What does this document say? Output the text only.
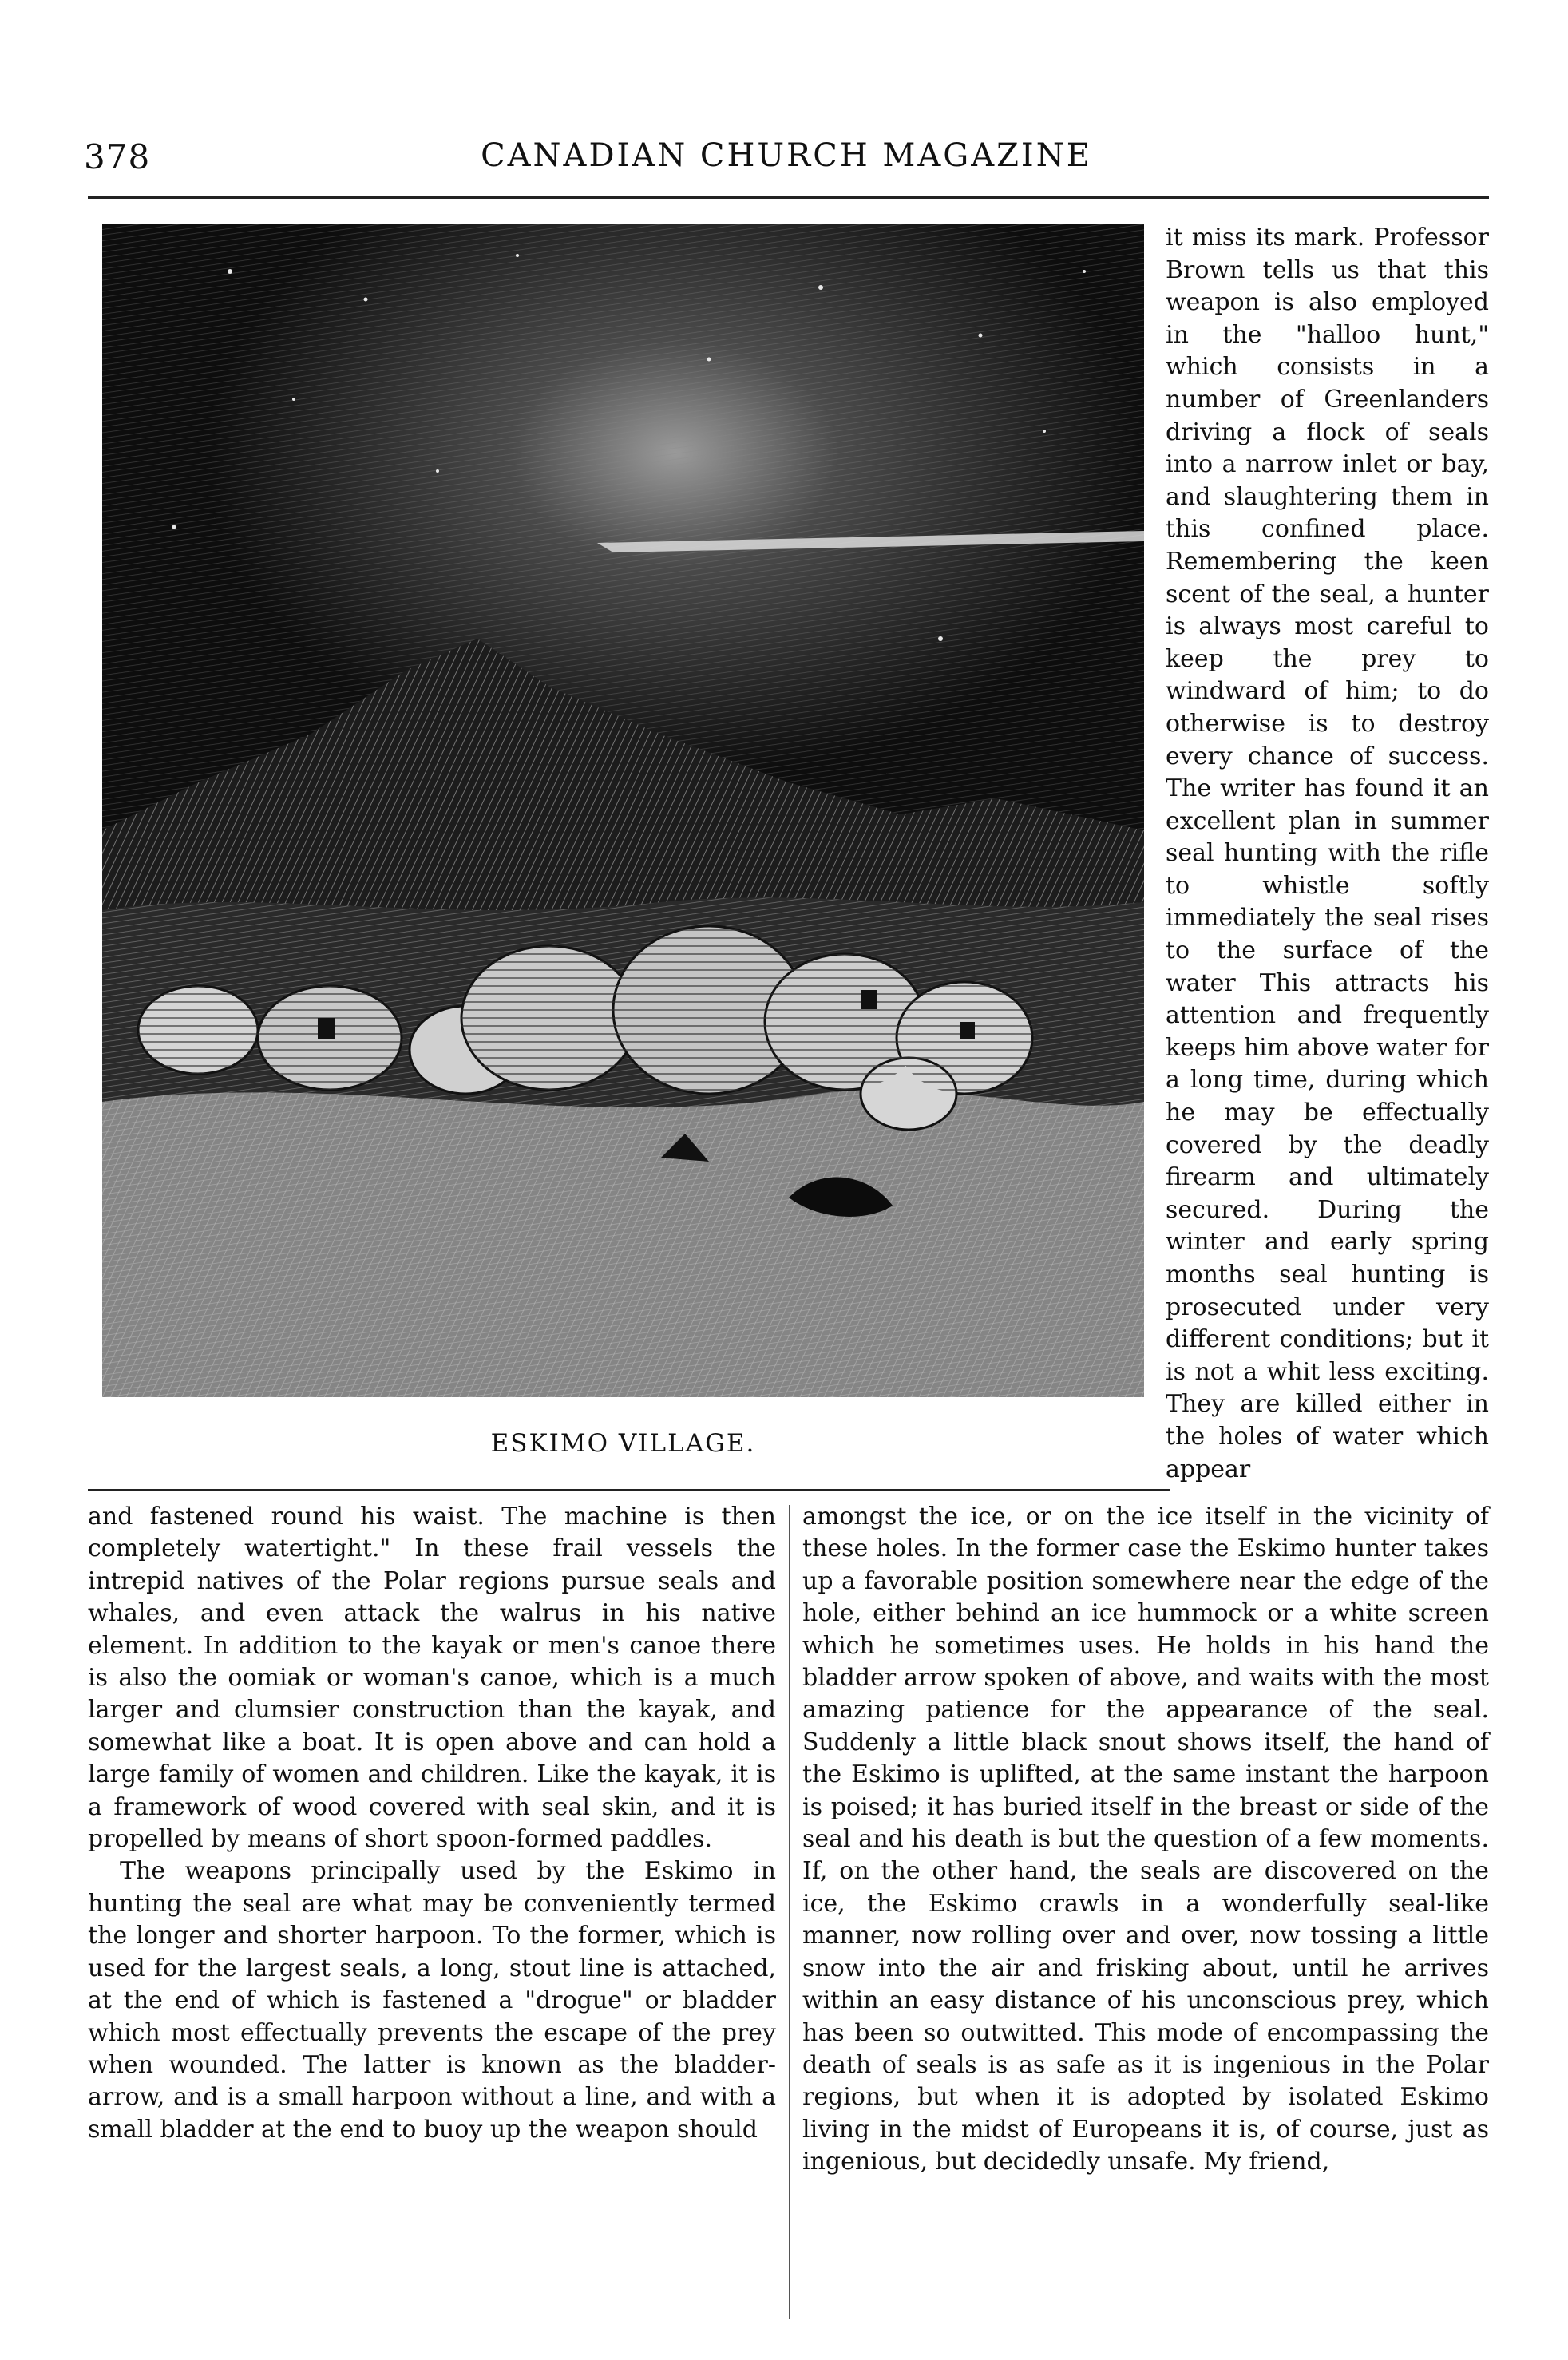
378	CANADIAN CHURCH MAGAZINE
ESKIMO VILLAGE.

it miss its mark. Professor Brown tells us that this weapon is also employed in the "halloo hunt," which consists in a number of Greenlanders driving a flock of seals into a narrow inlet or bay, and slaughtering them in this confined place. Remembering the keen scent of the seal, a hunter is always most careful to keep the prey to windward of him; to do otherwise is to destroy every chance of success. The writer has found it an excellent plan in summer seal hunting with the rifle to whistle softly immediately the seal rises to the surface of the water This attracts his attention and frequently keeps him above water for a long time, during which he may be effectually covered by the deadly firearm and ultimately secured. During the winter and early spring months seal hunting is prosecuted under very different conditions; but it is not a whit less exciting. They are killed either in the holes of water which appear

and fastened round his waist. The machine is then completely watertight." In these frail vessels the intrepid natives of the Polar regions pursue seals and whales, and even attack the walrus in his native element. In addition to the kayak or men's canoe there is also the oomiak or woman's canoe, which is a much larger and clumsier construction than the kayak, and somewhat like a boat. It is open above and can hold a large family of women and children. Like the kayak, it is a framework of wood covered with seal skin, and it is propelled by means of short spoon-formed paddles.

The weapons principally used by the Eskimo in hunting the seal are what may be conveniently termed the longer and shorter harpoon. To the former, which is used for the largest seals, a long, stout line is attached, at the end of which is fastened a "drogue" or bladder which most effectually prevents the escape of the prey when wounded. The latter is known as the bladder-arrow, and is a small harpoon without a line, and with a small bladder at the end to buoy up the weapon should

amongst the ice, or on the ice itself in the vicinity of these holes. In the former case the Eskimo hunter takes up a favorable position somewhere near the edge of the hole, either behind an ice hummock or a white screen which he sometimes uses. He holds in his hand the bladder arrow spoken of above, and waits with the most amazing patience for the appearance of the seal. Suddenly a little black snout shows itself, the hand of the Eskimo is uplifted, at the same instant the harpoon is poised; it has buried itself in the breast or side of the seal and his death is but the question of a few moments. If, on the other hand, the seals are discovered on the ice, the Eskimo crawls in a wonderfully seal-like manner, now rolling over and over, now tossing a little snow into the air and frisking about, until he arrives within an easy distance of his unconscious prey, which has been so outwitted. This mode of encompassing the death of seals is as safe as it is ingenious in the Polar regions, but when it is adopted by isolated Eskimo living in the midst of Europeans it is, of course, just as ingenious, but decidedly unsafe. My friend,
